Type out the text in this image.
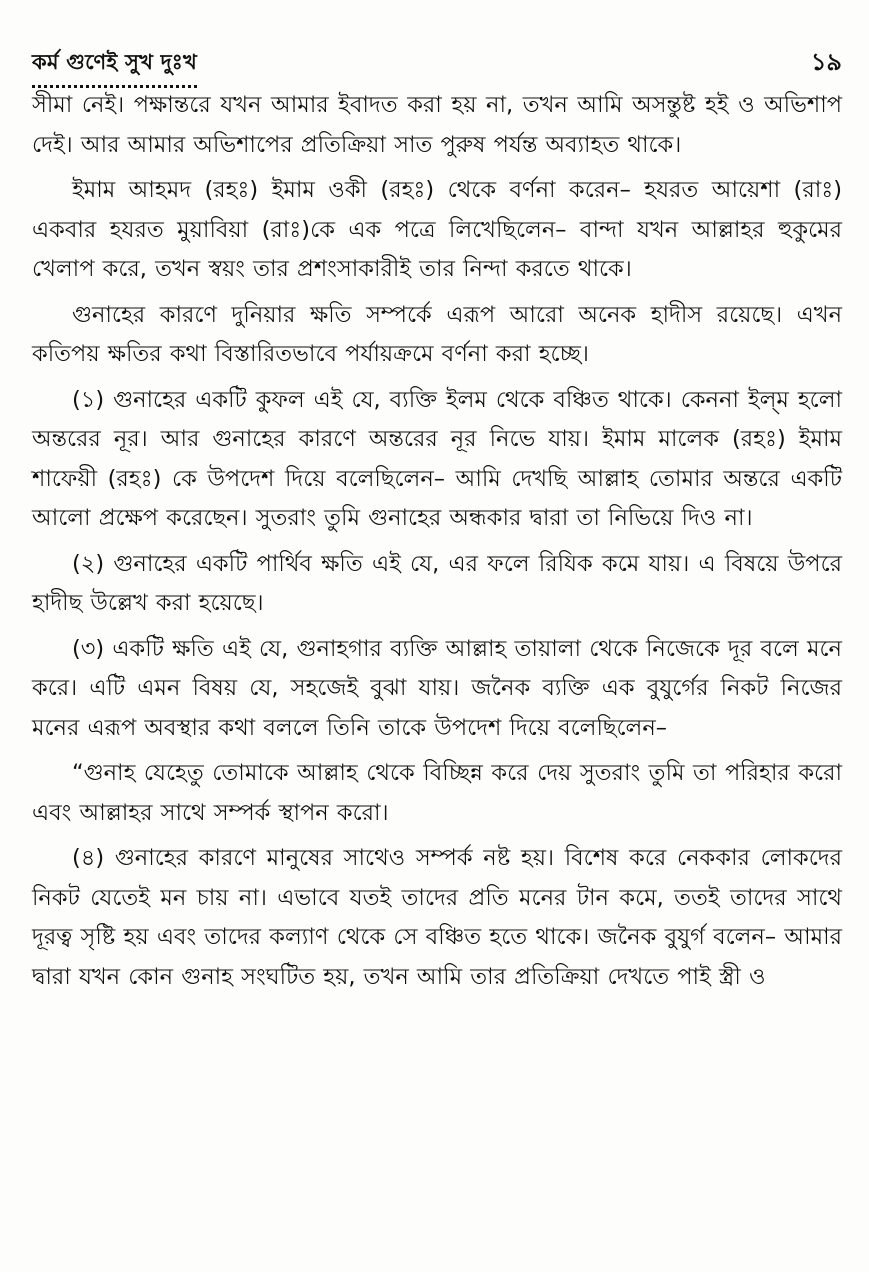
কর্ম গুণেই সুখ দুঃখ	১৯

সীমা নেই। পক্ষান্তরে যখন আমার ইবাদত করা হয় না, তখন আমি অসন্তুষ্ট হই ও অভিশাপ দেই। আর আমার অভিশাপের প্রতিক্রিয়া সাত পুরুষ পর্যন্ত অব্যাহত থাকে।

ইমাম আহমদ (রহঃ) ইমাম ওকী (রহঃ) থেকে বর্ণনা করেন– হযরত আয়েশা (রাঃ) একবার হযরত মুয়াবিয়া (রাঃ)কে এক পত্রে লিখেছিলেন– বান্দা যখন আল্লাহর হুকুমের খেলাপ করে, তখন স্বয়ং তার প্রশংসাকারীই তার নিন্দা করতে থাকে।

গুনাহের কারণে দুনিয়ার ক্ষতি সম্পর্কে এরূপ আরো অনেক হাদীস রয়েছে। এখন কতিপয় ক্ষতির কথা বিস্তারিতভাবে পর্যায়ক্রমে বর্ণনা করা হচ্ছে।

(১) গুনাহের একটি কুফল এই যে, ব্যক্তি ইলম থেকে বঞ্চিত থাকে। কেননা ইল্‌ম হলো অন্তরের নূর। আর গুনাহের কারণে অন্তরের নূর নিভে যায়। ইমাম মালেক (রহঃ) ইমাম শাফেয়ী (রহঃ) কে উপদেশ দিয়ে বলেছিলেন– আমি দেখছি আল্লাহ তোমার অন্তরে একটি আলো প্রক্ষেপ করেছেন। সুতরাং তুমি গুনাহের অন্ধকার দ্বারা তা নিভিয়ে দিও না।

(২) গুনাহের একটি পার্থিব ক্ষতি এই যে, এর ফলে রিযিক কমে যায়। এ বিষয়ে উপরে হাদীছ উল্লেখ করা হয়েছে।

(৩) একটি ক্ষতি এই যে, গুনাহগার ব্যক্তি আল্লাহ তায়ালা থেকে নিজেকে দূর বলে মনে করে। এটি এমন বিষয় যে, সহজেই বুঝা যায়। জনৈক ব্যক্তি এক বুযুর্গের নিকট নিজের মনের এরূপ অবস্থার কথা বললে তিনি তাকে উপদেশ দিয়ে বলেছিলেন–

“গুনাহ যেহেতু তোমাকে আল্লাহ থেকে বিচ্ছিন্ন করে দেয় সুতরাং তুমি তা পরিহার করো এবং আল্লাহর সাথে সম্পর্ক স্থাপন করো।

(৪) গুনাহের কারণে মানুষের সাথেও সম্পর্ক নষ্ট হয়। বিশেষ করে নেককার লোকদের নিকট যেতেই মন চায় না। এভাবে যতই তাদের প্রতি মনের টান কমে, ততই তাদের সাথে দূরত্ব সৃষ্টি হয় এবং তাদের কল্যাণ থেকে সে বঞ্চিত হতে থাকে। জনৈক বুযুর্গ বলেন– আমার দ্বারা যখন কোন গুনাহ সংঘটিত হয়, তখন আমি তার প্রতিক্রিয়া দেখতে পাই স্ত্রী ও
